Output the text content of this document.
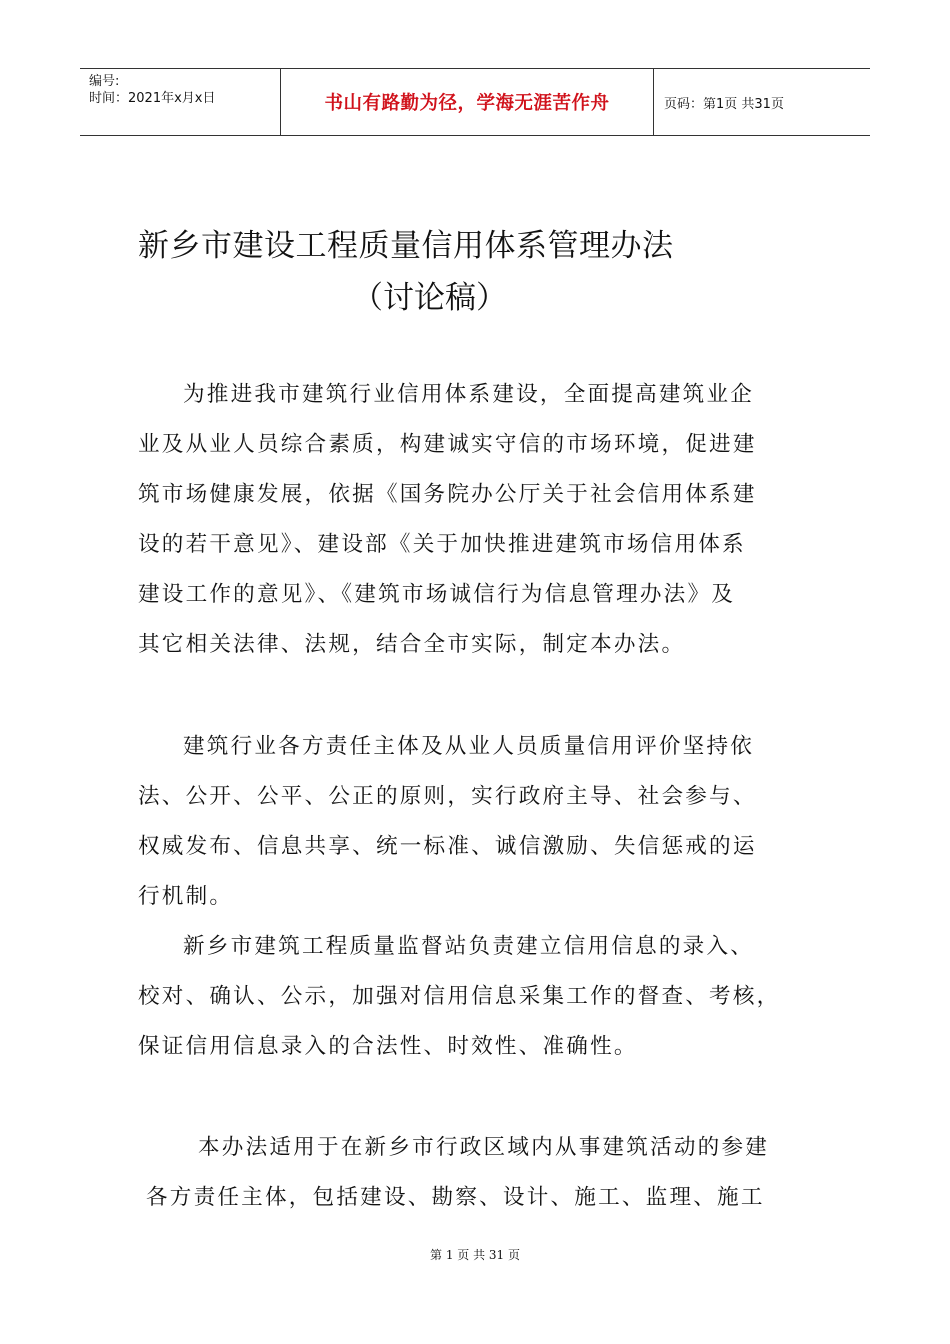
编号:
时间：2021年x月x日	书山有路勤为径，学海无涯苦作舟	页码：第1页 共31页
新乡市建设工程质量信用体系管理办法
（讨论稿）
为推进我市建筑行业信用体系建设，全面提高建筑业企
业及从业人员综合素质，构建诚实守信的市场环境，促进建
筑市场健康发展，依据《国务院办公厅关于社会信用体系建
设的若干意见》、建设部《关于加快推进建筑市场信用体系
建设工作的意见》、《建筑市场诚信行为信息管理办法》及
其它相关法律、法规，结合全市实际，制定本办法。
建筑行业各方责任主体及从业人员质量信用评价坚持依
法、公开、公平、公正的原则，实行政府主导、社会参与、
权威发布、信息共享、统一标准、诚信激励、失信惩戒的运
行机制。
新乡市建筑工程质量监督站负责建立信用信息的录入、
校对、确认、公示，加强对信用信息采集工作的督查、考核，
保证信用信息录入的合法性、时效性、准确性。
本办法适用于在新乡市行政区域内从事建筑活动的参建
各方责任主体，包括建设、勘察、设计、施工、监理、施工
第 1 页 共 31 页
